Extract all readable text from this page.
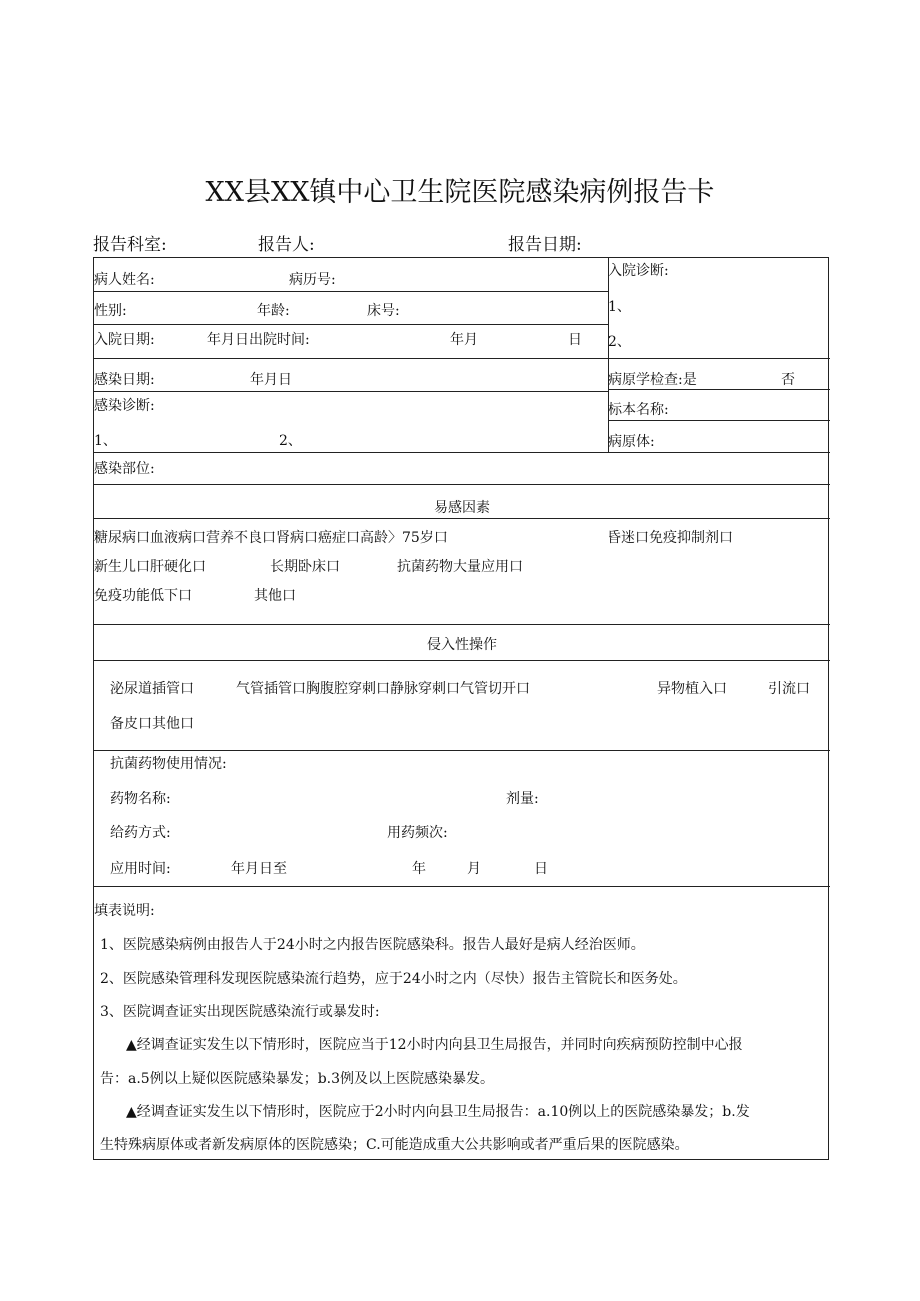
XX县XX镇中心卫生院医院感染病例报告卡
报告科室:	报告人:	报告日期:
病人姓名:	病历号:
性别:	年龄:	床号:
入院日期:	年月日出院时间:	年月	日
入院诊断:
1、
2、
感染日期:	年月日	病原学检查:是	否
感染诊断:	标本名称:
1、	2、	病原体:
感染部位:
易感因素
糖尿病口血液病口营养不良口肾病口癌症口高龄〉75岁口	昏迷口免疫抑制剂口
新生儿口肝硬化口	长期卧床口	抗菌药物大量应用口
免疫功能低下口	其他口
侵入性操作
泌尿道插管口	气管插管口胸腹腔穿刺口静脉穿刺口气管切开口	异物植入口	引流口
备皮口其他口
抗菌药物使用情况:
药物名称:	剂量:
给药方式:	用药频次:
应用时间:	年月日至	年	月	日
填表说明:
1、医院感染病例由报告人于24小时之内报告医院感染科。报告人最好是病人经治医师。
2、医院感染管理科发现医院感染流行趋势，应于24小时之内（尽快）报告主管院长和医务处。
3、医院调查证实出现医院感染流行或暴发时:
▲经调查证实发生以下情形时，医院应当于12小时内向县卫生局报告，并同时向疾病预防控制中心报
告：a.5例以上疑似医院感染暴发；b.3例及以上医院感染暴发。
▲经调查证实发生以下情形时，医院应于2小时内向县卫生局报告：a.10例以上的医院感染暴发；b.发
生特殊病原体或者新发病原体的医院感染；C.可能造成重大公共影响或者严重后果的医院感染。
